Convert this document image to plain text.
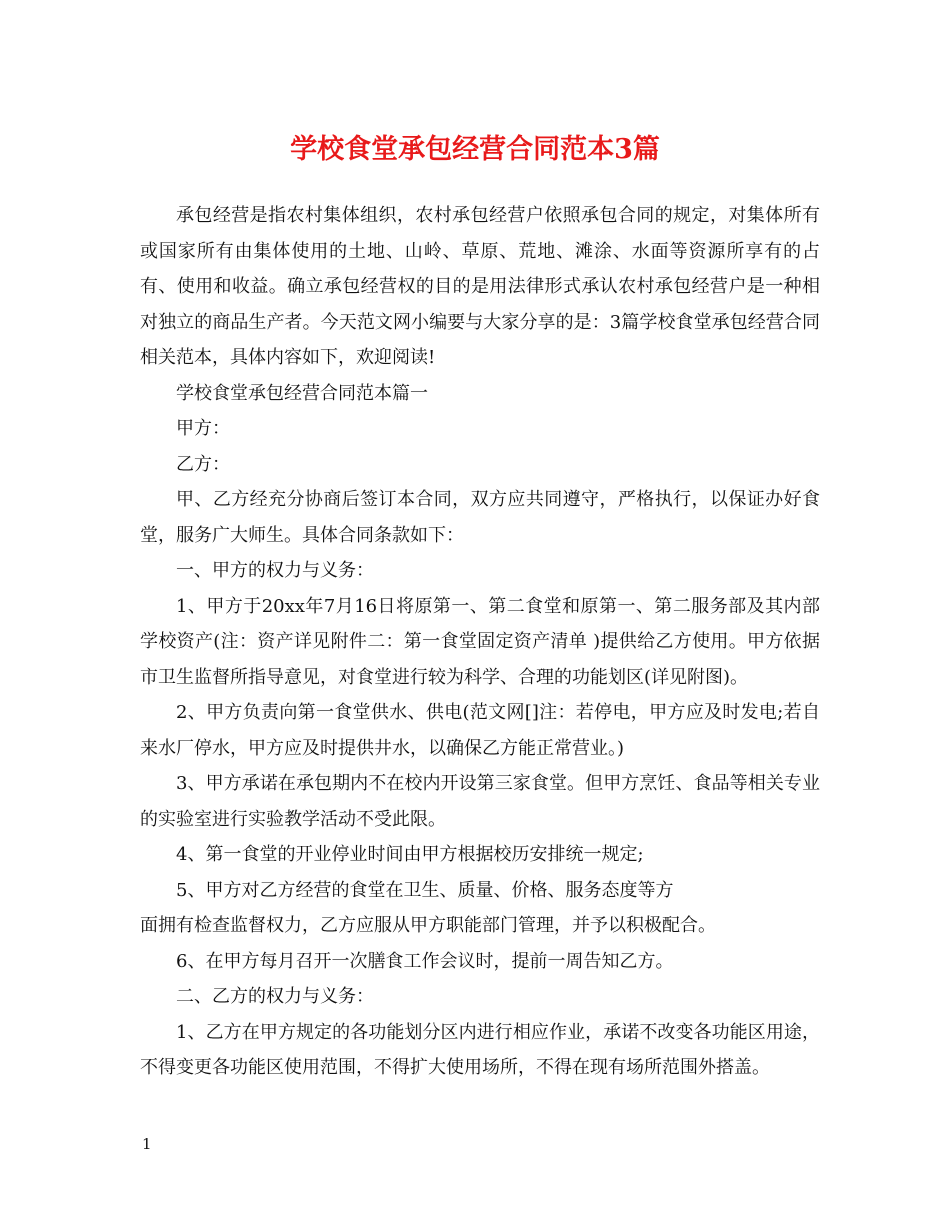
学校食堂承包经营合同范本3篇

承包经营是指农村集体组织，农村承包经营户依照承包合同的规定，对集体所有或国家所有由集体使用的土地、山岭、草原、荒地、滩涂、水面等资源所享有的占有、使用和收益。确立承包经营权的目的是用法律形式承认农村承包经营户是一种相对独立的商品生产者。今天范文网小编要与大家分享的是：3篇学校食堂承包经营合同相关范本，具体内容如下，欢迎阅读!

学校食堂承包经营合同范本篇一

甲方：

乙方：

甲、乙方经充分协商后签订本合同，双方应共同遵守，严格执行，以保证办好食堂，服务广大师生。具体合同条款如下：

一、甲方的权力与义务：

1、甲方于20xx年7月16日将原第一、第二食堂和原第一、第二服务部及其内部学校资产(注：资产详见附件二：第一食堂固定资产清单 )提供给乙方使用。甲方依据市卫生监督所指导意见，对食堂进行较为科学、合理的功能划区(详见附图)。

2、甲方负责向第一食堂供水、供电(范文网[]注：若停电，甲方应及时发电;若自来水厂停水，甲方应及时提供井水，以确保乙方能正常营业。)

3、甲方承诺在承包期内不在校内开设第三家食堂。但甲方烹饪、食品等相关专业的实验室进行实验教学活动不受此限。

4、第一食堂的开业停业时间由甲方根据校历安排统一规定;

5、甲方对乙方经营的食堂在卫生、质量、价格、服务态度等方

面拥有检查监督权力，乙方应服从甲方职能部门管理，并予以积极配合。

6、在甲方每月召开一次膳食工作会议时，提前一周告知乙方。

二、乙方的权力与义务：

1、乙方在甲方规定的各功能划分区内进行相应作业，承诺不改变各功能区用途，不得变更各功能区使用范围，不得扩大使用场所，不得在现有场所范围外搭盖。

1
